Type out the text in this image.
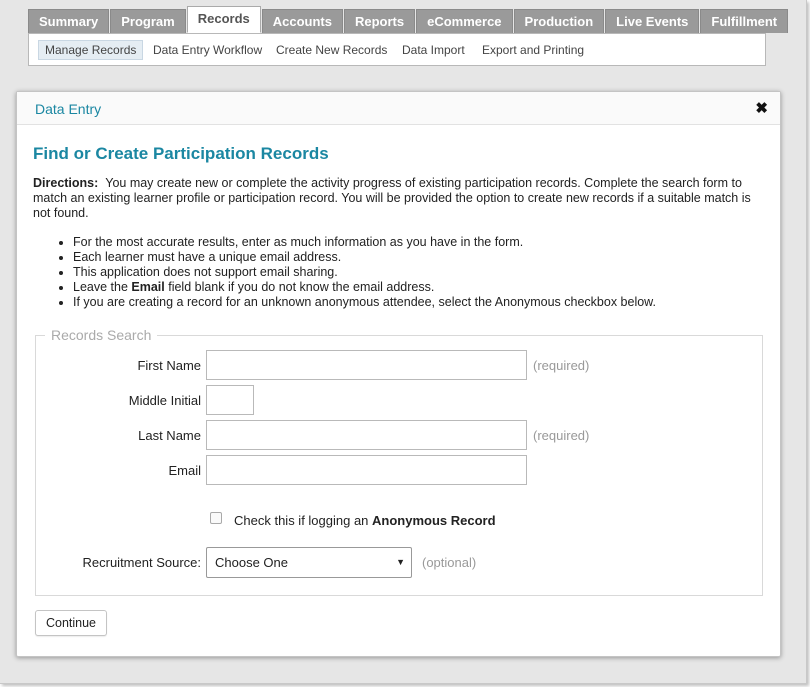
Summary	Program	Records	Accounts	Reports	eCommerce	Production	Live Events	Fulfillment
Manage Records	Data Entry Workflow	Create New Records	Data Import	Export and Printing
Data Entry	✖
Find or Create Participation Records
Directions: You may create new or complete the activity progress of existing participation records. Complete the search form to match an existing learner profile or participation record. You will be provided the option to create new records if a suitable match is not found.
• For the most accurate results, enter as much information as you have in the form.
• Each learner must have a unique email address.
• This application does not support email sharing.
• Leave the Email field blank if you do not know the email address.
• If you are creating a record for an unknown anonymous attendee, select the Anonymous checkbox below.
Records Search
First Name	(required)
Middle Initial
Last Name	(required)
Email
Check this if logging an Anonymous Record
Recruitment Source:	Choose One	▼ (optional)
Continue
